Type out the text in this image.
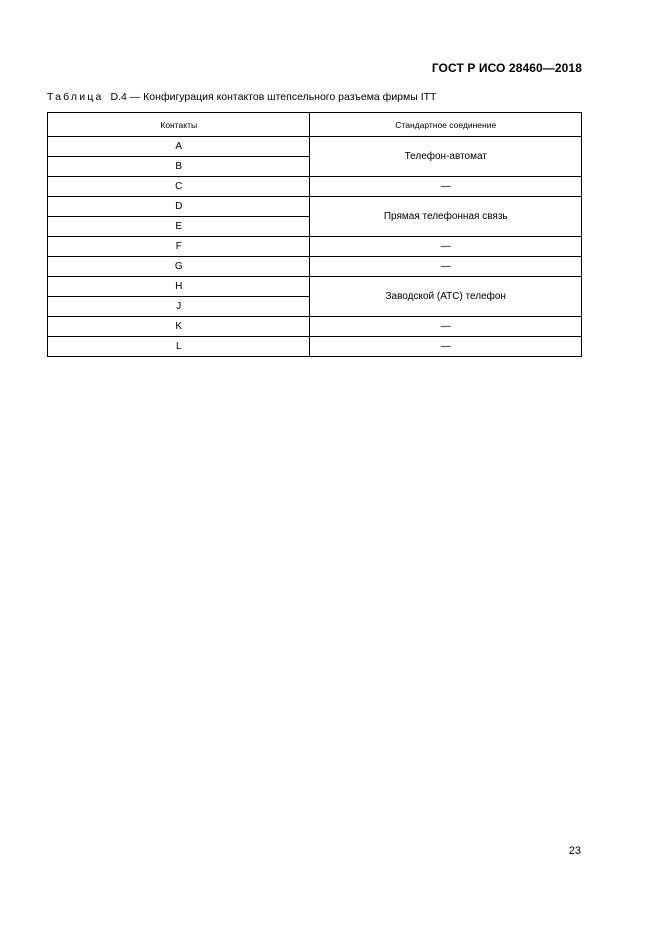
ГОСТ Р ИСО 28460—2018
Таблица D.4 — Конфигурация контактов штепсельного разъема фирмы ITT
Контакты	Стандартное соединение
A	Телефон-автомат
B	
C	—
D	Прямая телефонная связь
E	
F	—
G	—
H	Заводской (АТС) телефон
J	
K	—
L	—
23
